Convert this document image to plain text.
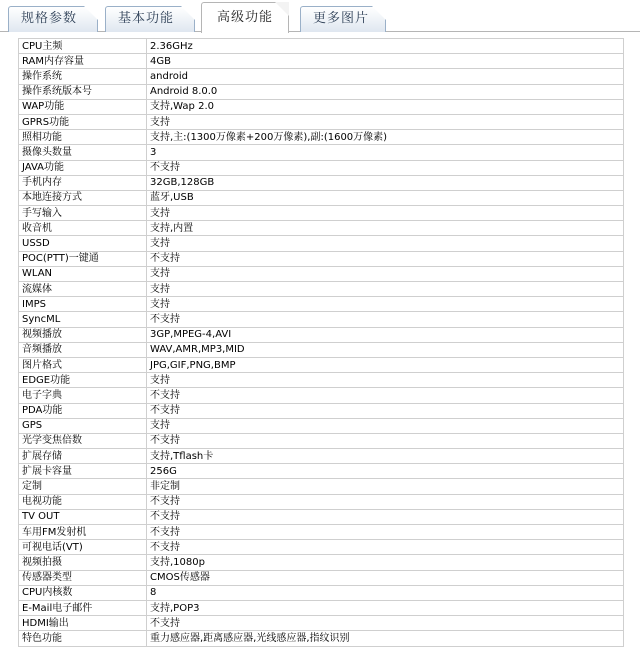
规格参数	基本功能	高级功能	更多图片
CPU主频	2.36GHz
RAM内存容量	4GB
操作系统	android
操作系统版本号	Android 8.0.0
WAP功能	支持,Wap 2.0
GPRS功能	支持
照相功能	支持,主:(1300万像素+200万像素),副:(1600万像素)
摄像头数量	3
JAVA功能	不支持
手机内存	32GB,128GB
本地连接方式	蓝牙,USB
手写输入	支持
收音机	支持,内置
USSD	支持
POC(PTT)一键通	不支持
WLAN	支持
流媒体	支持
IMPS	支持
SyncML	不支持
视频播放	3GP,MPEG-4,AVI
音频播放	WAV,AMR,MP3,MID
图片格式	JPG,GIF,PNG,BMP
EDGE功能	支持
电子字典	不支持
PDA功能	不支持
GPS	支持
光学变焦倍数	不支持
扩展存储	支持,Tflash卡
扩展卡容量	256G
定制	非定制
电视功能	不支持
TV OUT	不支持
车用FM发射机	不支持
可视电话(VT)	不支持
视频拍摄	支持,1080p
传感器类型	CMOS传感器
CPU内核数	8
E-Mail电子邮件	支持,POP3
HDMI输出	不支持
特色功能	重力感应器,距离感应器,光线感应器,指纹识别
